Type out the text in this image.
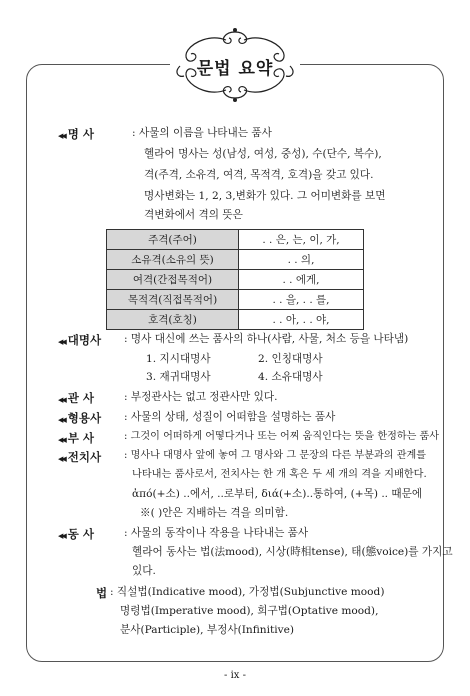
문법 요약
◀◀ 명 사	: 사물의 이름을 나타내는 품사
헬라어 명사는 성(남성, 여성, 중성), 수(단수, 복수),
격(주격, 소유격, 여격, 목적격, 호격)을 갖고 있다.
명사변화는 1, 2, 3,변화가 있다. 그 어미변화를 보면
격변화에서 격의 뜻은
주격(주어)	. . 은, 는, 이, 가,
소유격(소유의 뜻)	. . 의,
여격(간접목적어)	. . 에게,
목적격(직접목적어)	. . 을, . . 를,
호격(호칭)	. . 아, . . 야,
◀◀ 대명사 : 명사 대신에 쓰는 품사의 하나(사람, 사물, 처소 등을 나타냄)
1. 지시대명사	2. 인칭대명사
3. 재귀대명사	4. 소유대명사
◀◀ 관 사	: 부정관사는 없고 정관사만 있다.
◀◀ 형용사 : 사물의 상태, 성질이 어떠함을 설명하는 품사
◀◀ 부 사	: 그것이 어떠하게 어떻다거나 또는 어찌 움직인다는 뜻을 한정하는 품사
◀◀ 전치사 : 명사나 대명사 앞에 놓여 그 명사와 그 문장의 다른 부분과의 관계를
나타내는 품사로서, 전치사는 한 개 혹은 두 세 개의 격을 지배한다.
ἀπό(+소) ..에서, ..로부터, διά(+소)..통하여, (+목) .. 때문에
※( )안은 지배하는 격을 의미함.
◀◀ 동 사	: 사물의 동작이나 작용을 나타내는 품사
헬라어 동사는 법(法mood), 시상(時相tense), 태(態voice)를 가지고
있다.
법 : 직설법(Indicative mood), 가정법(Subjunctive mood)
명령법(Imperative mood), 희구법(Optative mood),
분사(Participle), 부정사(Infinitive)
- ix -
